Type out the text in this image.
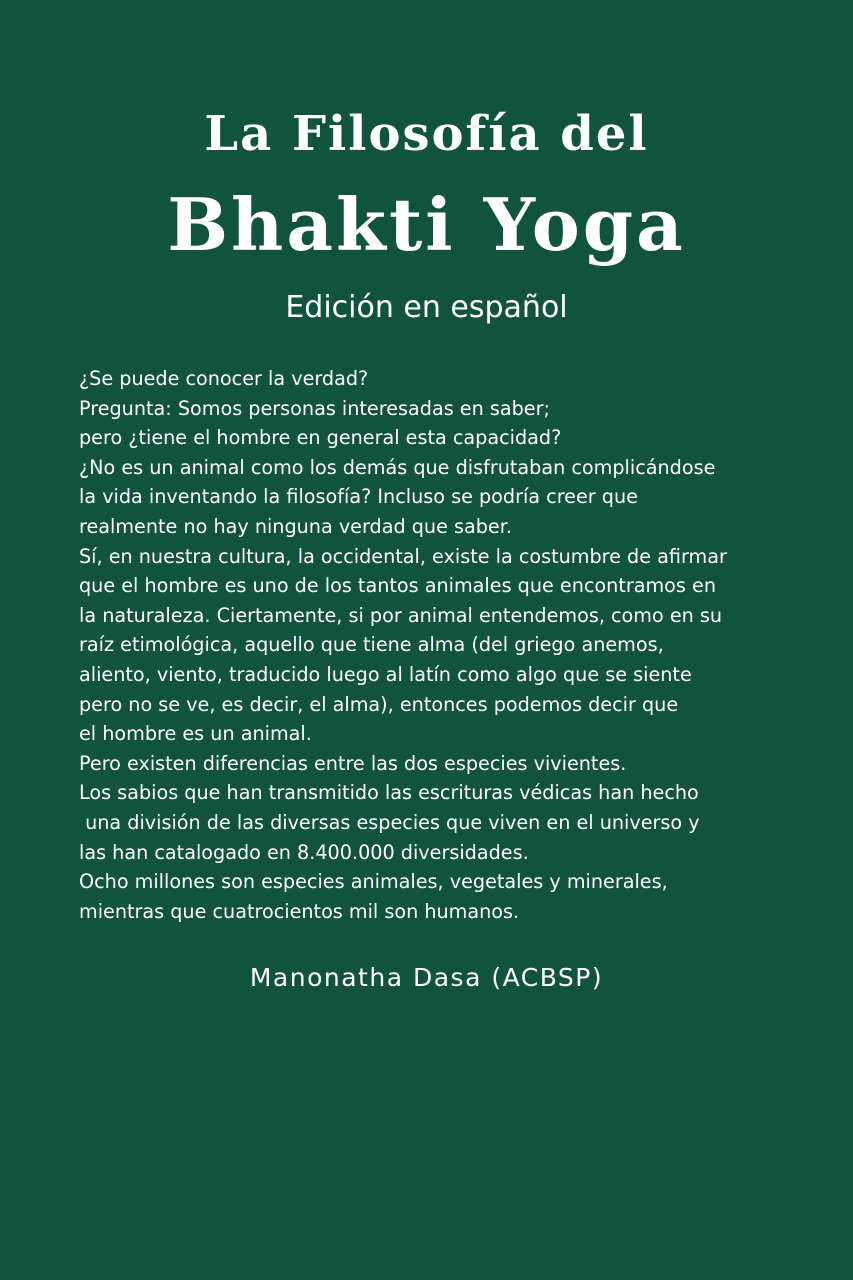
La Filosofía del
Bhakti Yoga
Edición en español
¿Se puede conocer la verdad?
Pregunta: Somos personas interesadas en saber;
pero ¿tiene el hombre en general esta capacidad?
¿No es un animal como los demás que disfrutaban complicándose
la vida inventando la filosofía? Incluso se podría creer que
realmente no hay ninguna verdad que saber.
Sí, en nuestra cultura, la occidental, existe la costumbre de afirmar
que el hombre es uno de los tantos animales que encontramos en
la naturaleza. Ciertamente, si por animal entendemos, como en su
raíz etimológica, aquello que tiene alma (del griego anemos,
aliento, viento, traducido luego al latín como algo que se siente
pero no se ve, es decir, el alma), entonces podemos decir que
el hombre es un animal.
Pero existen diferencias entre las dos especies vivientes.
Los sabios que han transmitido las escrituras védicas han hecho
una división de las diversas especies que viven en el universo y
las han catalogado en 8.400.000 diversidades.
Ocho millones son especies animales, vegetales y minerales,
mientras que cuatrocientos mil son humanos.
Manonatha Dasa (ACBSP)
